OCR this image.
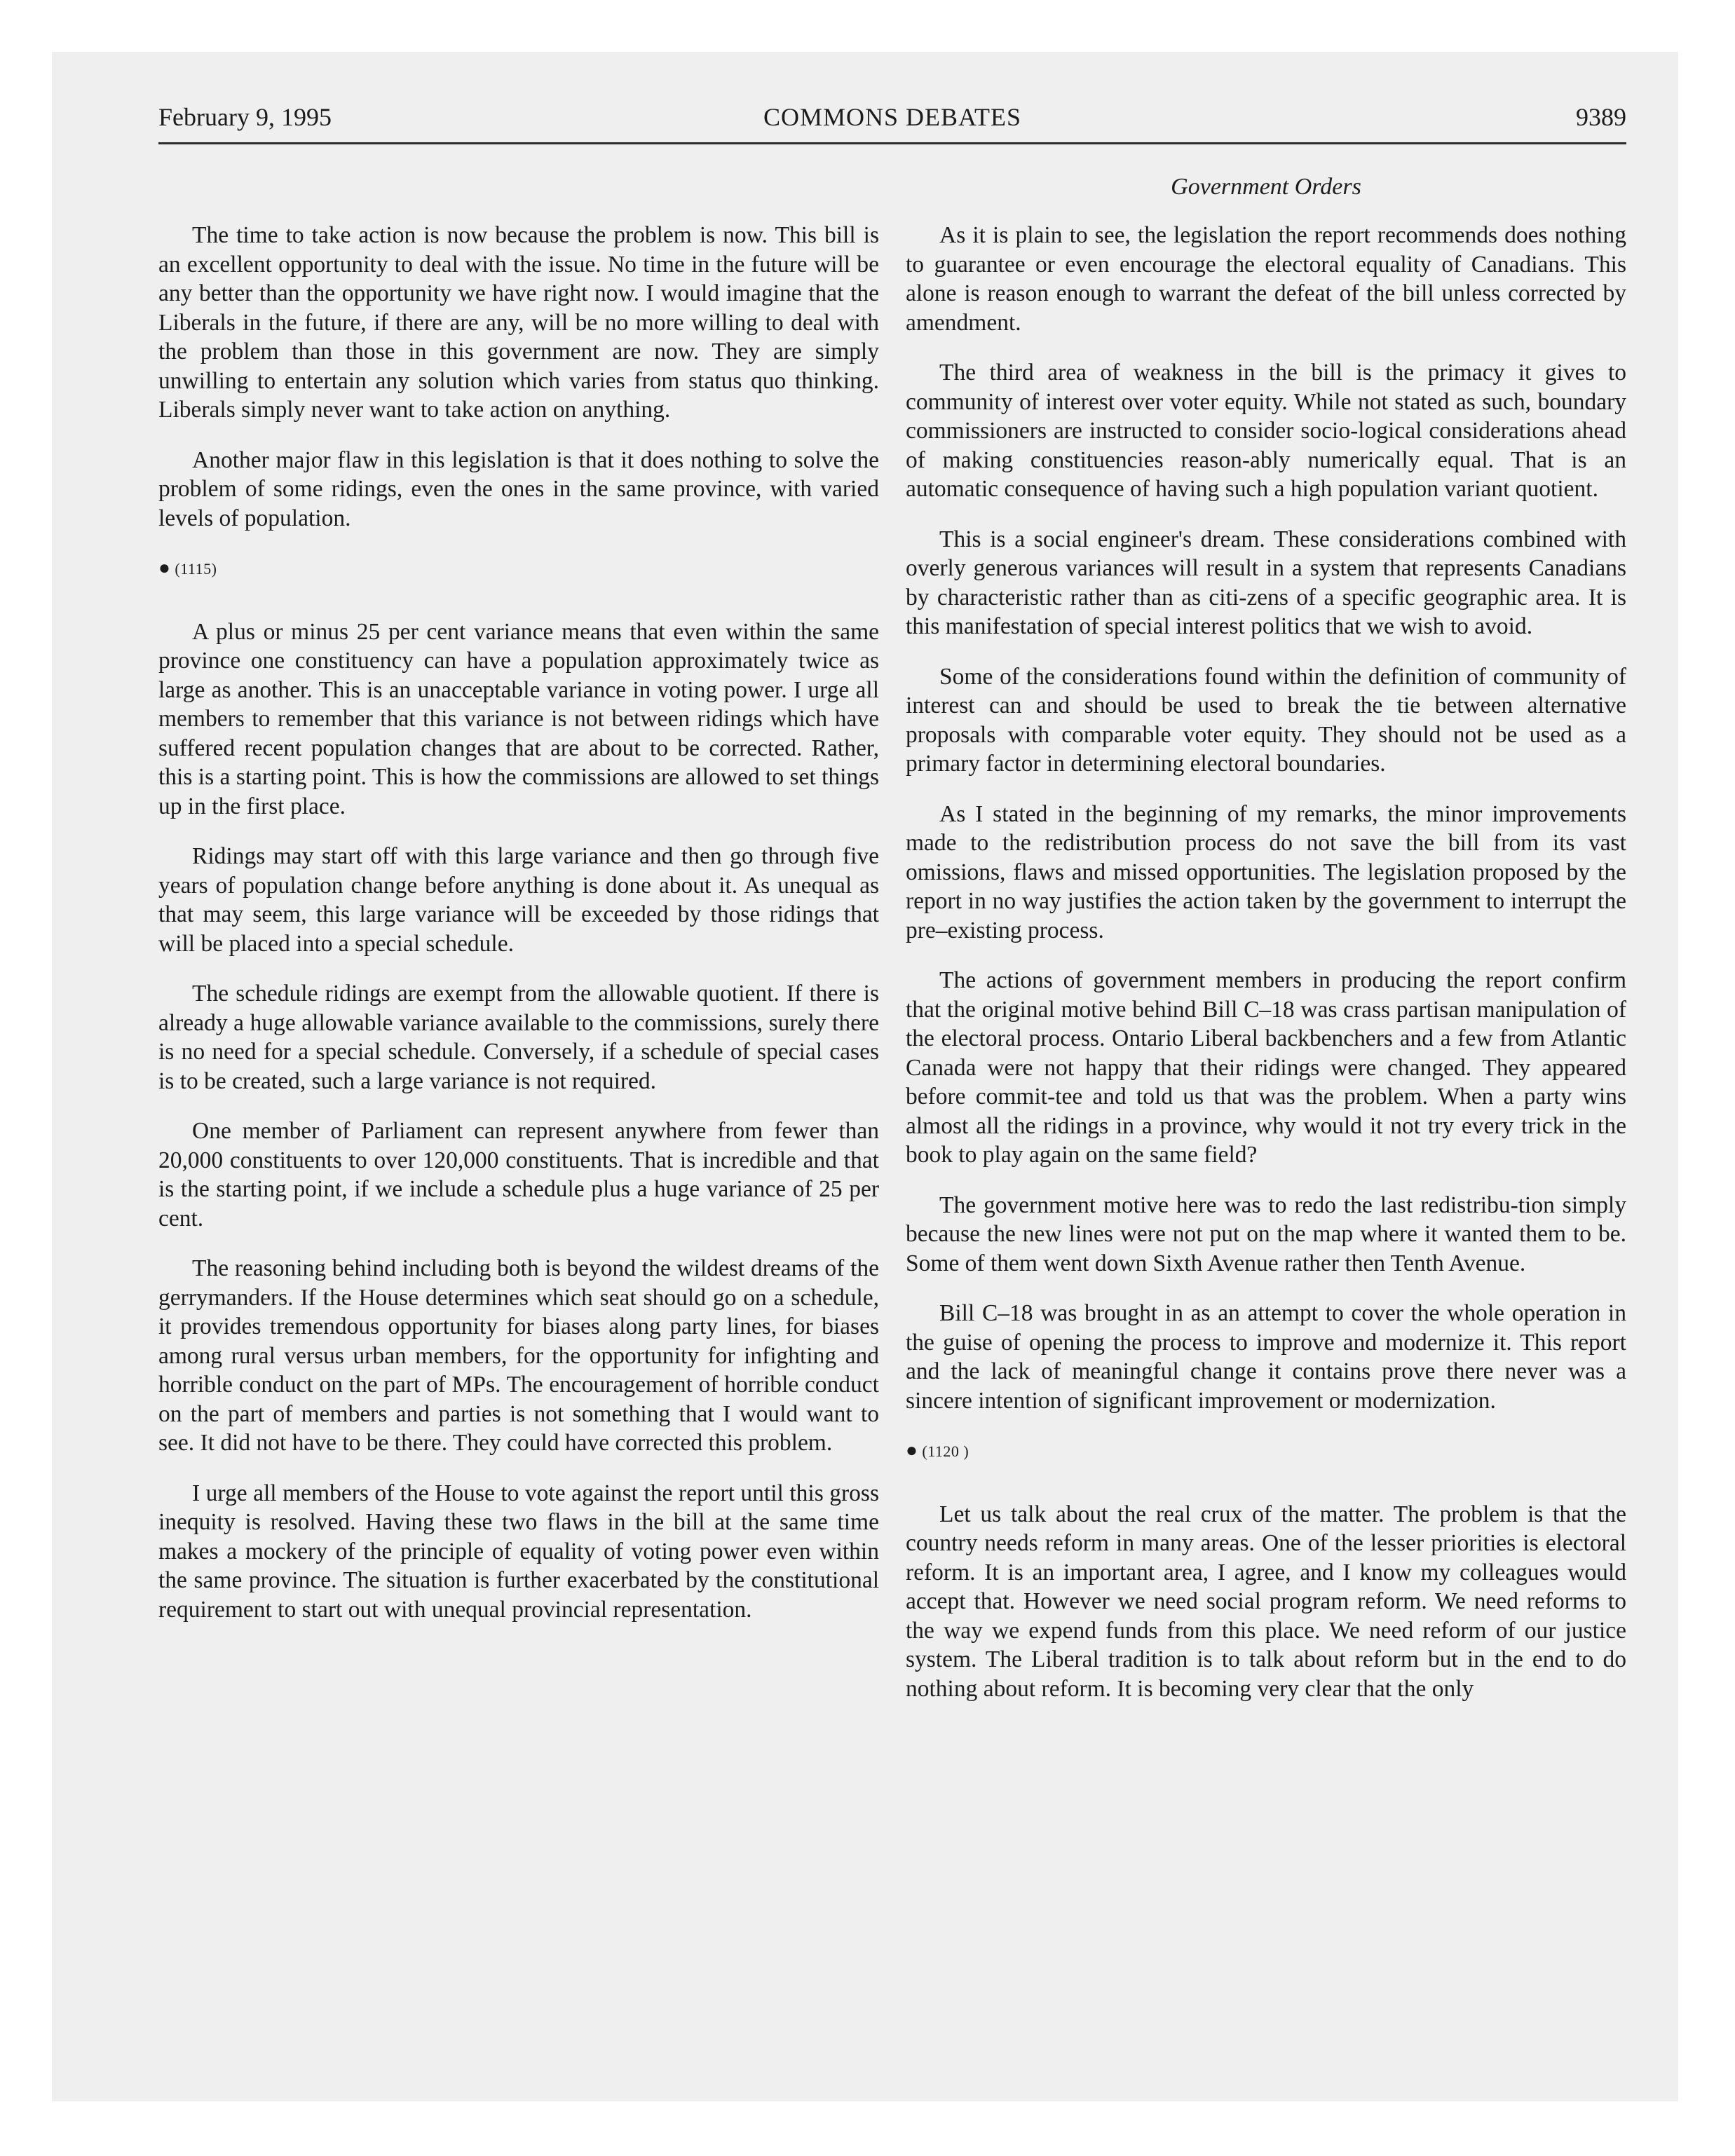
February 9, 1995	COMMONS DEBATES	9389
Government Orders

The time to take action is now because the problem is now. This bill is an excellent opportunity to deal with the issue. No time in the future will be any better than the opportunity we have right now. I would imagine that the Liberals in the future, if there are any, will be no more willing to deal with the problem than those in this government are now. They are simply unwilling to entertain any solution which varies from status quo thinking. Liberals simply never want to take action on anything.

Another major flaw in this legislation is that it does nothing to solve the problem of some ridings, even the ones in the same province, with varied levels of population.

● (1115)

A plus or minus 25 per cent variance means that even within the same province one constituency can have a population approximately twice as large as another. This is an unacceptable variance in voting power. I urge all members to remember that this variance is not between ridings which have suffered recent population changes that are about to be corrected. Rather, this is a starting point. This is how the commissions are allowed to set things up in the first place.

Ridings may start off with this large variance and then go through five years of population change before anything is done about it. As unequal as that may seem, this large variance will be exceeded by those ridings that will be placed into a special schedule.

The schedule ridings are exempt from the allowable quotient. If there is already a huge allowable variance available to the commissions, surely there is no need for a special schedule. Conversely, if a schedule of special cases is to be created, such a large variance is not required.

One member of Parliament can represent anywhere from fewer than 20,000 constituents to over 120,000 constituents. That is incredible and that is the starting point, if we include a schedule plus a huge variance of 25 per cent.

The reasoning behind including both is beyond the wildest dreams of the gerrymanders. If the House determines which seat should go on a schedule, it provides tremendous opportunity for biases along party lines, for biases among rural versus urban members, for the opportunity for infighting and horrible conduct on the part of MPs. The encouragement of horrible conduct on the part of members and parties is not something that I would want to see. It did not have to be there. They could have corrected this problem.

I urge all members of the House to vote against the report until this gross inequity is resolved. Having these two flaws in the bill at the same time makes a mockery of the principle of equality of voting power even within the same province. The situation is further exacerbated by the constitutional requirement to start out with unequal provincial representation.

As it is plain to see, the legislation the report recommends does nothing to guarantee or even encourage the electoral equality of Canadians. This alone is reason enough to warrant the defeat of the bill unless corrected by amendment.

The third area of weakness in the bill is the primacy it gives to community of interest over voter equity. While not stated as such, boundary commissioners are instructed to consider socio-logical considerations ahead of making constituencies reason-ably numerically equal. That is an automatic consequence of having such a high population variant quotient.

This is a social engineer's dream. These considerations combined with overly generous variances will result in a system that represents Canadians by characteristic rather than as citi-zens of a specific geographic area. It is this manifestation of special interest politics that we wish to avoid.

Some of the considerations found within the definition of community of interest can and should be used to break the tie between alternative proposals with comparable voter equity. They should not be used as a primary factor in determining electoral boundaries.

As I stated in the beginning of my remarks, the minor improvements made to the redistribution process do not save the bill from its vast omissions, flaws and missed opportunities. The legislation proposed by the report in no way justifies the action taken by the government to interrupt the pre–existing process.

The actions of government members in producing the report confirm that the original motive behind Bill C–18 was crass partisan manipulation of the electoral process. Ontario Liberal backbenchers and a few from Atlantic Canada were not happy that their ridings were changed. They appeared before commit-tee and told us that was the problem. When a party wins almost all the ridings in a province, why would it not try every trick in the book to play again on the same field?

The government motive here was to redo the last redistribu-tion simply because the new lines were not put on the map where it wanted them to be. Some of them went down Sixth Avenue rather then Tenth Avenue.

Bill C–18 was brought in as an attempt to cover the whole operation in the guise of opening the process to improve and modernize it. This report and the lack of meaningful change it contains prove there never was a sincere intention of significant improvement or modernization.

● (1120 )

Let us talk about the real crux of the matter. The problem is that the country needs reform in many areas. One of the lesser priorities is electoral reform. It is an important area, I agree, and I know my colleagues would accept that. However we need social program reform. We need reforms to the way we expend funds from this place. We need reform of our justice system. The Liberal tradition is to talk about reform but in the end to do nothing about reform. It is becoming very clear that the only
